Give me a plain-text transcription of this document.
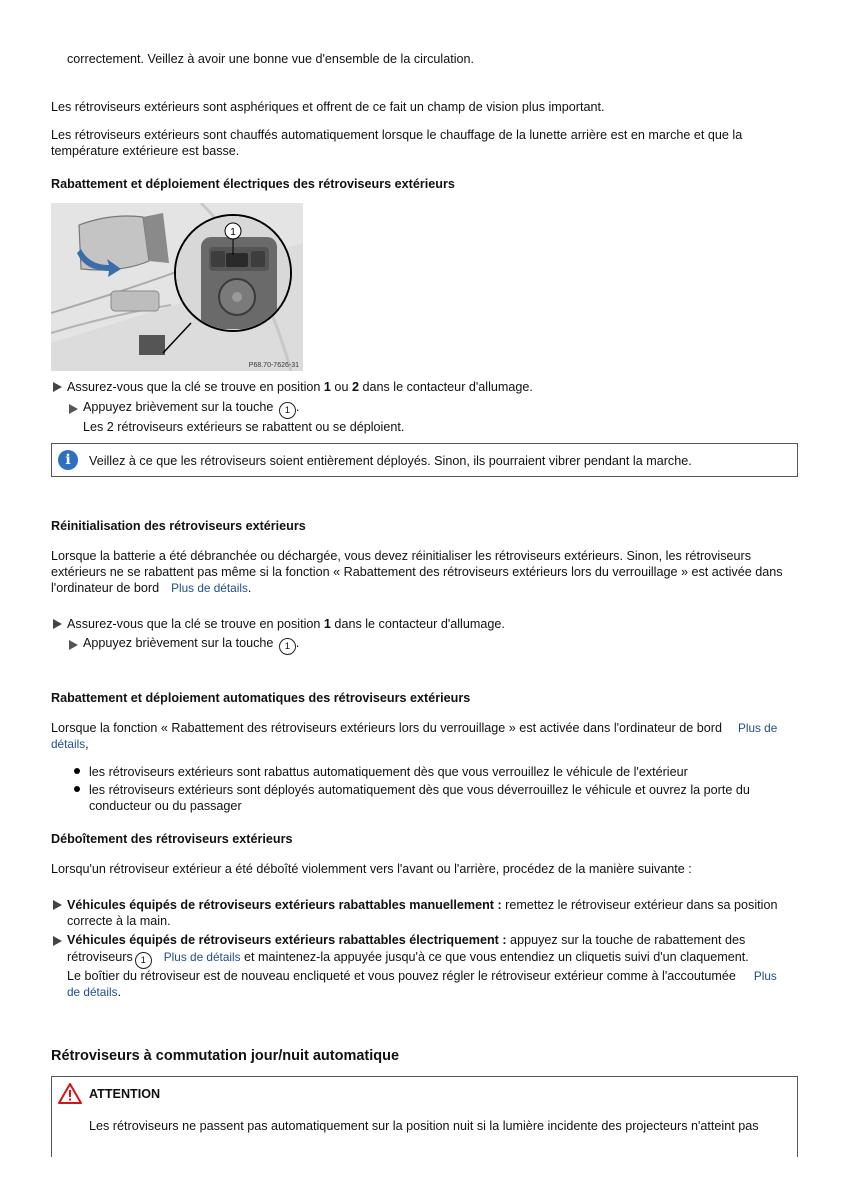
correctement. Veillez à avoir une bonne vue d'ensemble de la circulation.
Les rétroviseurs extérieurs sont asphériques et offrent de ce fait un champ de vision plus important.
Les rétroviseurs extérieurs sont chauffés automatiquement lorsque le chauffage de la lunette arrière est en marche et que la température extérieure est basse.
Rabattement et déploiement électriques des rétroviseurs extérieurs
1
P68.70-7626-31
Assurez-vous que la clé se trouve en position 1 ou 2 dans le contacteur d'allumage.
Appuyez brièvement sur la touche 1 .
Les 2 rétroviseurs extérieurs se rabattent ou se déploient.
i	Veillez à ce que les rétroviseurs soient entièrement déployés. Sinon, ils pourraient vibrer pendant la marche.
Réinitialisation des rétroviseurs extérieurs
Lorsque la batterie a été débranchée ou déchargée, vous devez réinitialiser les rétroviseurs extérieurs. Sinon, les rétroviseurs extérieurs ne se rabattent pas même si la fonction « Rabattement des rétroviseurs extérieurs lors du verrouillage » est activée dans l'ordinateur de bord Plus de détails.
Assurez-vous que la clé se trouve en position 1 dans le contacteur d'allumage.
Appuyez brièvement sur la touche 1 .
Rabattement et déploiement automatiques des rétroviseurs extérieurs
Lorsque la fonction « Rabattement des rétroviseurs extérieurs lors du verrouillage » est activée dans l'ordinateur de bord Plus de
détails,
les rétroviseurs extérieurs sont rabattus automatiquement dès que vous verrouillez le véhicule de l'extérieur
les rétroviseurs extérieurs sont déployés automatiquement dès que vous déverrouillez le véhicule et ouvrez la porte du conducteur ou du passager
Déboîtement des rétroviseurs extérieurs
Lorsqu'un rétroviseur extérieur a été déboîté violemment vers l'avant ou l'arrière, procédez de la manière suivante :
Véhicules équipés de rétroviseurs extérieurs rabattables manuellement : remettez le rétroviseur extérieur dans sa position correcte à la main.
Véhicules équipés de rétroviseurs extérieurs rabattables électriquement : appuyez sur la touche de rabattement des rétroviseurs 1 Plus de détails et maintenez-la appuyée jusqu'à ce que vous entendiez un cliquetis suivi d'un claquement.
Le boîtier du rétroviseur est de nouveau encliqueté et vous pouvez régler le rétroviseur extérieur comme à l'accoutumée Plus
de détails.
Rétroviseurs à commutation jour/nuit automatique
ATTENTION
Les rétroviseurs ne passent pas automatiquement sur la position nuit si la lumière incidente des projecteurs n'atteint pas
